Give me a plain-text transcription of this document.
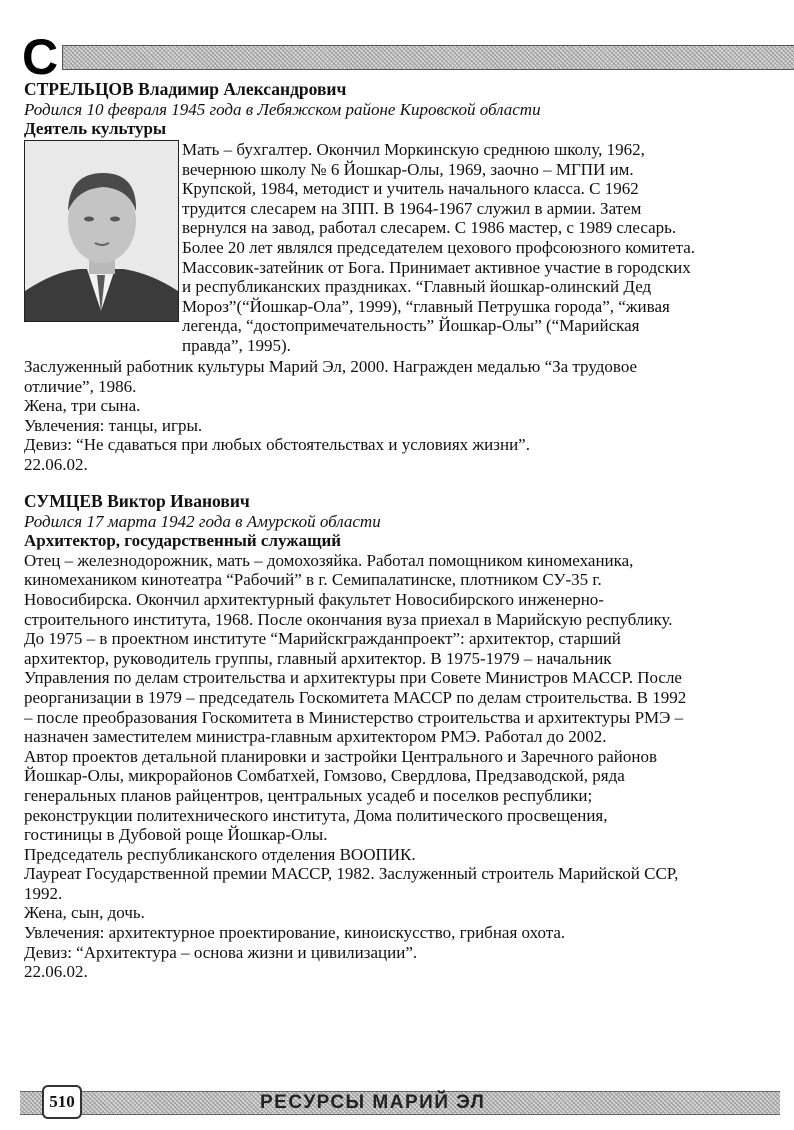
С
СТРЕЛЬЦОВ Владимир Александрович
Родился 10 февраля 1945 года в Лебяжском районе Кировской области
Деятель культуры

Мать – бухгалтер. Окончил Моркинскую среднюю школу, 1962,

вечернюю школу № 6 Йошкар-Олы, 1969, заочно – МГПИ им.

Крупской, 1984, методист и учитель начального класса. С 1962

трудится слесарем на ЗПП. В 1964-1967 служил в армии. Затем

вернулся на завод, работал слесарем. С 1986 мастер, с 1989 слесарь.

Более 20 лет являлся председателем цехового профсоюзного комитета.

Массовик-затейник от Бога. Принимает активное участие в городских

и республиканских праздниках. “Главный йошкар-олинский Дед

Мороз”(“Йошкар-Ола”, 1999), “главный Петрушка города”, “живая

легенда, “достопримечательность” Йошкар-Олы” (“Марийская

правда”, 1995).

Заслуженный работник культуры Марий Эл, 2000. Награжден медалью “За трудовое

отличие”, 1986.

Жена, три сына.

Увлечения: танцы, игры.

Девиз: “Не сдаваться при любых обстоятельствах и условиях жизни”.

22.06.02.

СУМЦЕВ Виктор Иванович
Родился 17 марта 1942 года в Амурской области
Архитектор, государственный служащий

Отец – железнодорожник, мать – домохозяйка. Работал помощником киномеханика,

киномехаником кинотеатра “Рабочий” в г. Семипалатинске, плотником СУ-35 г.

Новосибирска. Окончил архитектурный факультет Новосибирского инженерно-

строительного института, 1968. После окончания вуза приехал в Марийскую республику.

До 1975 – в проектном институте “Марийскгражданпроект”: архитектор, старший

архитектор, руководитель группы, главный архитектор. В 1975-1979 – начальник

Управления по делам строительства и архитектуры при Совете Министров МАССР. После

реорганизации в 1979 – председатель Госкомитета МАССР по делам строительства. В 1992

– после преобразования Госкомитета в Министерство строительства и архитектуры РМЭ –

назначен заместителем министра-главным архитектором РМЭ. Работал до 2002.

Автор проектов детальной планировки и застройки Центрального и Заречного районов

Йошкар-Олы, микрорайонов Сомбатхей, Гомзово, Свердлова, Предзаводской, ряда

генеральных планов райцентров, центральных усадеб и поселков республики;

реконструкции политехнического института, Дома политического просвещения,

гостиницы в Дубовой роще Йошкар-Олы.

Председатель республиканского отделения ВООПИК.

Лауреат Государственной премии МАССР, 1982. Заслуженный строитель Марийской ССР,

1992.

Жена, сын, дочь.

Увлечения: архитектурное проектирование, киноискусство, грибная охота.

Девиз: “Архитектура – основа жизни и цивилизации”.

22.06.02.

510	РЕСУРСЫ МАРИЙ ЭЛ
